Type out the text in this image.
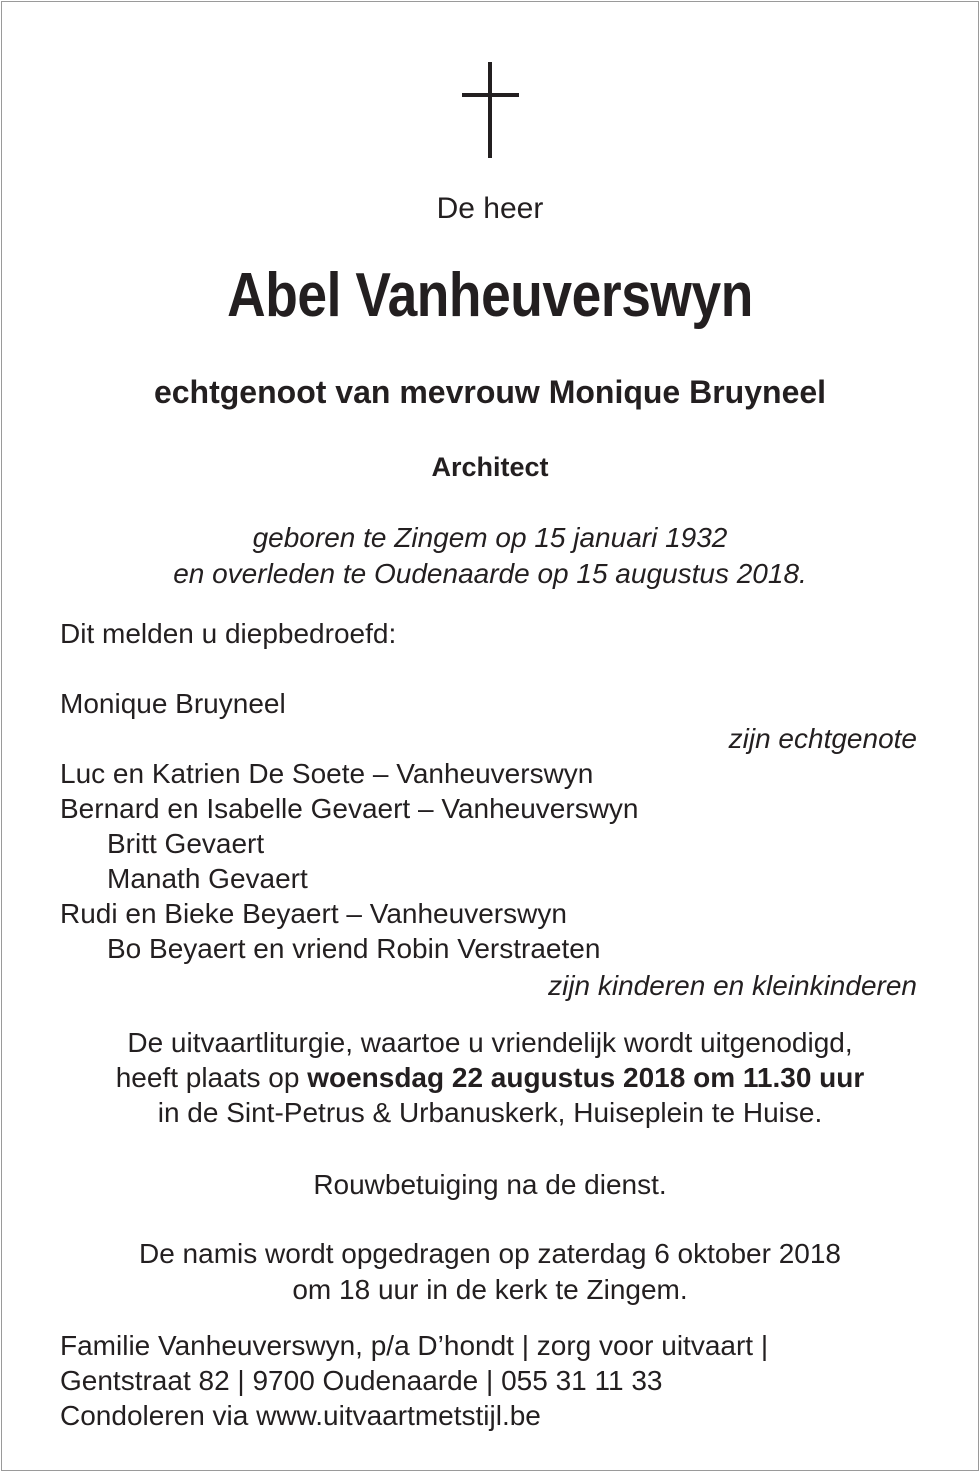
De heer
Abel Vanheuverswyn
echtgenoot van mevrouw Monique Bruyneel
Architect
geboren te Zingem op 15 januari 1932
en overleden te Oudenaarde op 15 augustus 2018.
Dit melden u diepbedroefd:
Monique Bruyneel
zijn echtgenote
Luc en Katrien De Soete – Vanheuverswyn
Bernard en Isabelle Gevaert – Vanheuverswyn
Britt Gevaert
Manath Gevaert
Rudi en Bieke Beyaert – Vanheuverswyn
Bo Beyaert en vriend Robin Verstraeten
zijn kinderen en kleinkinderen
De uitvaartliturgie, waartoe u vriendelijk wordt uitgenodigd,
heeft plaats op woensdag 22 augustus 2018 om 11.30 uur
in de Sint-Petrus & Urbanuskerk, Huiseplein te Huise.
Rouwbetuiging na de dienst.
De namis wordt opgedragen op zaterdag 6 oktober 2018
om 18 uur in de kerk te Zingem.
Familie Vanheuverswyn, p/a D’hondt | zorg voor uitvaart |
Gentstraat 82 | 9700 Oudenaarde | 055 31 11 33
Condoleren via www.uitvaartmetstijl.be
